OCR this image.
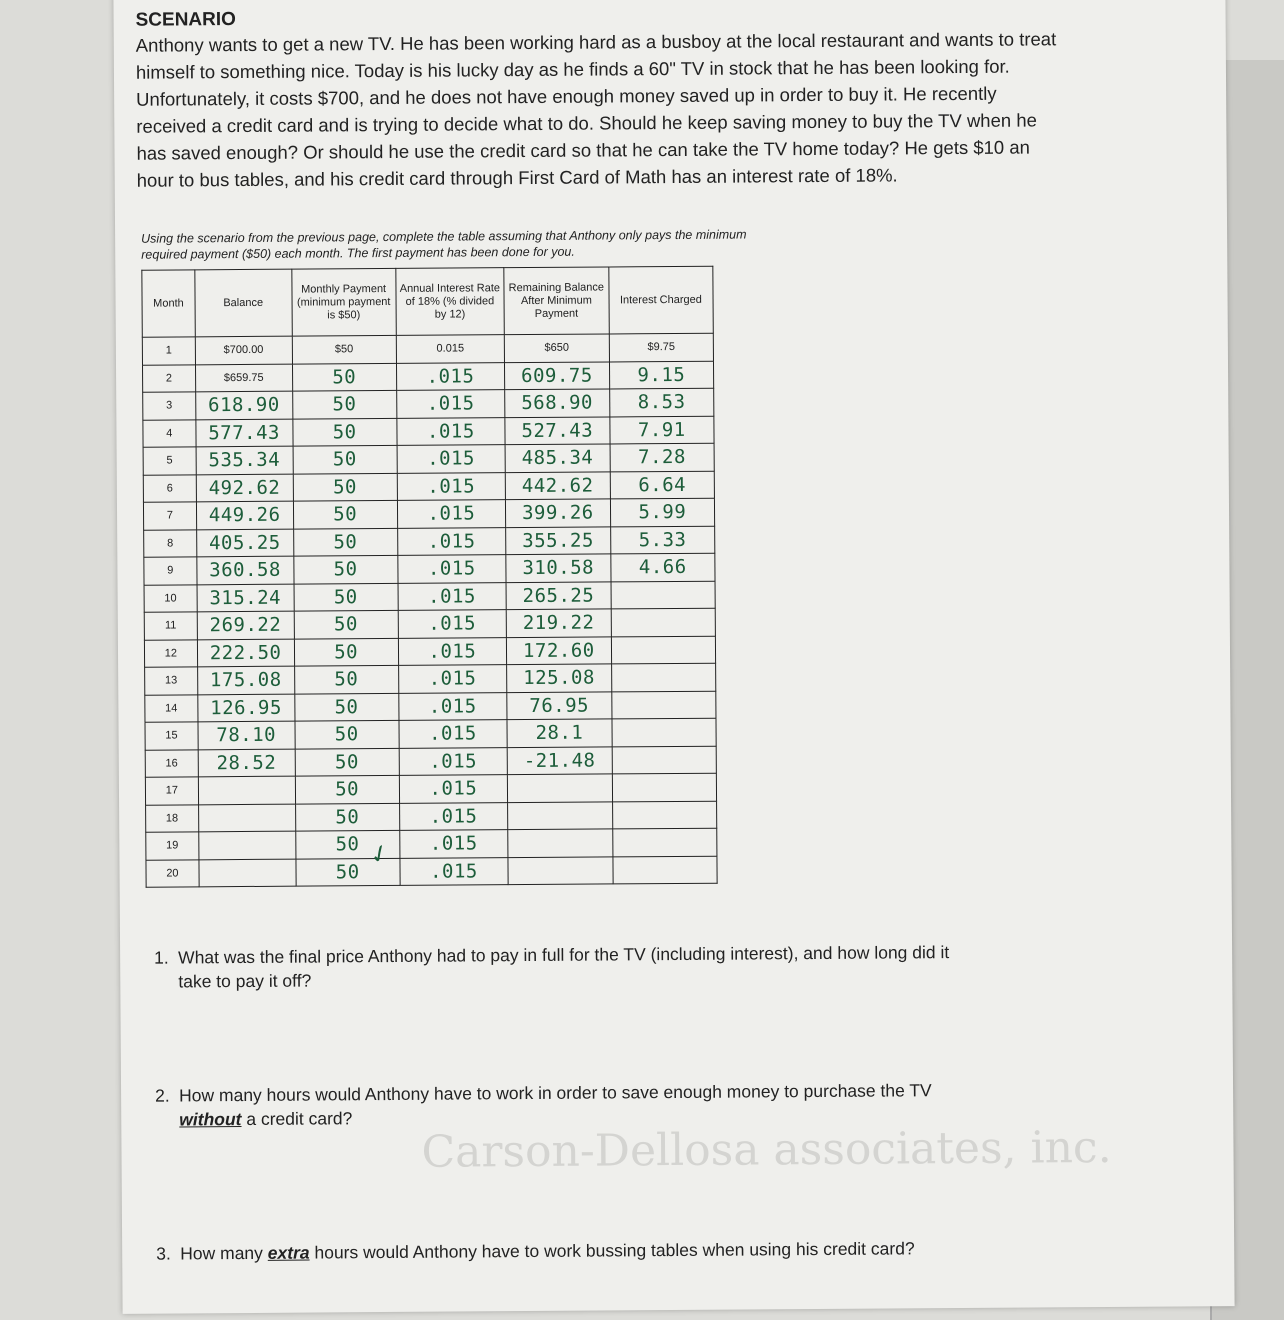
SCENARIO
Anthony wants to get a new TV. He has been working hard as a busboy at the local restaurant and wants to treat himself to something nice. Today is his lucky day as he finds a 60" TV in stock that he has been looking for. Unfortunately, it costs $700, and he does not have enough money saved up in order to buy it. He recently received a credit card and is trying to decide what to do. Should he keep saving money to buy the TV when he has saved enough? Or should he use the credit card so that he can take the TV home today? He gets $10 an hour to bus tables, and his credit card through First Card of Math has an interest rate of 18%.
Using the scenario from the previous page, complete the table assuming that Anthony only pays the minimum required payment ($50) each month. The first payment has been done for you.
Month	Balance	Monthly Payment (minimum payment is $50)	Annual Interest Rate of 18% (% divided by 12)	Remaining Balance After Minimum Payment	Interest Charged
1	$700.00	$50	0.015	$650	$9.75
2	$659.75	50	.015	609.75	9.15
3	618.90	50	.015	568.90	8.53
4	577.43	50	.015	527.43	7.91
5	535.34	50	.015	485.34	7.28
6	492.62	50	.015	442.62	6.64
7	449.26	50	.015	399.26	5.99
8	405.25	50	.015	355.25	5.33
9	360.58	50	.015	310.58	4.66
10	315.24	50	.015	265.25	
11	269.22	50	.015	219.22	
12	222.50	50	.015	172.60	
13	175.08	50	.015	125.08	
14	126.95	50	.015	76.95	
15	78.10	50	.015	28.1	
16	28.52	50	.015	-21.48	
17		50	.015		
18		50	.015		
19		50	.015		
20		50	.015		
✓
1. What was the final price Anthony had to pay in full for the TV (including interest), and how long did it
take to pay it off?
2. How many hours would Anthony have to work in order to save enough money to purchase the TV
without a credit card?
3. How many extra hours would Anthony have to work bussing tables when using his credit card?
Carson-Dellosa associates, inc.
